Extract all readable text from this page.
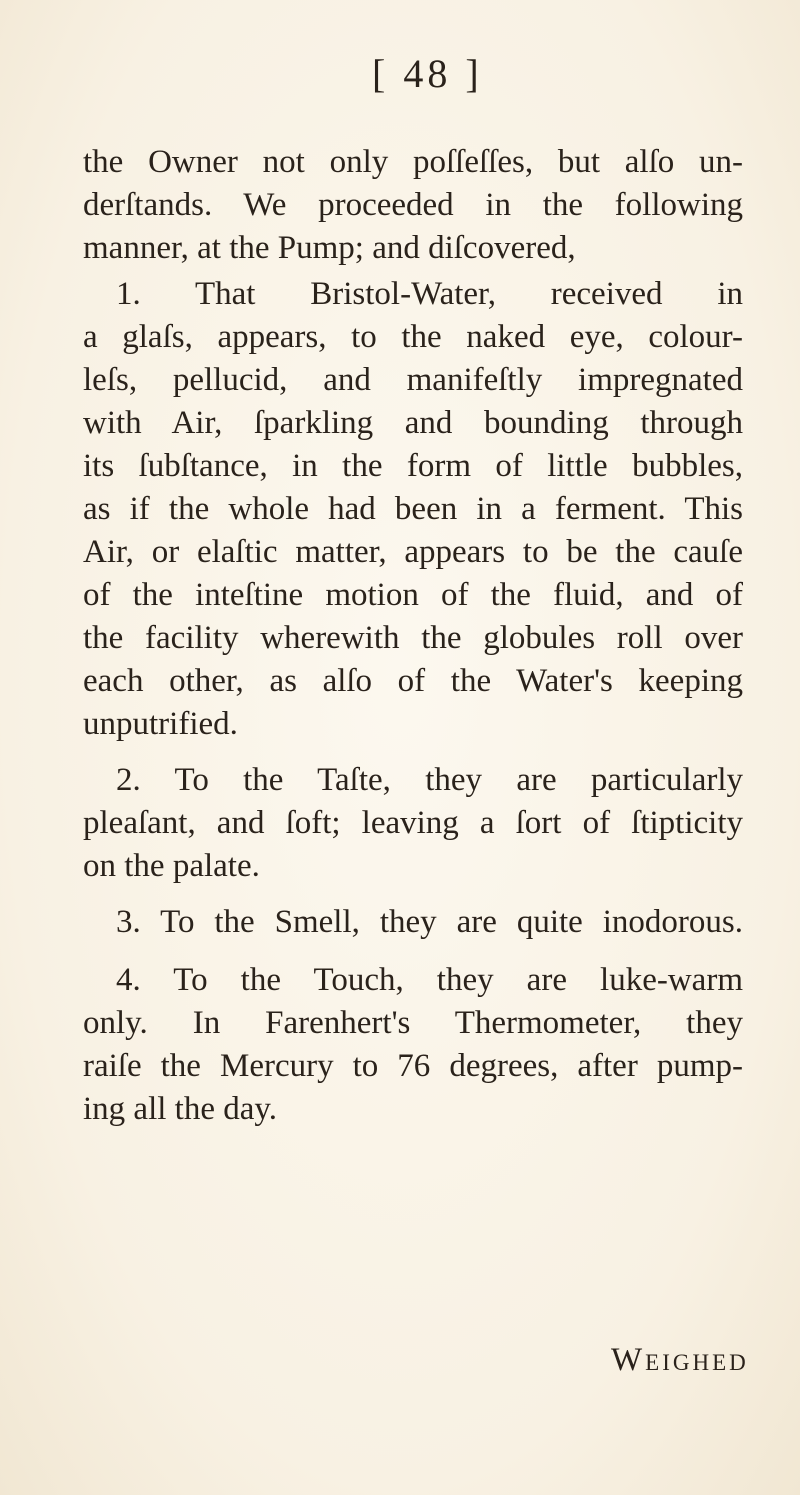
[ 48 ]
the Owner not only poſſeſſes, but alſo un-
derſtands. We proceeded in the following
manner, at the Pump; and diſcovered,
1. That Bristol-Water, received in
a glaſs, appears, to the naked eye, colour-
leſs, pellucid, and manifeſtly impregnated
with Air, ſparkling and bounding through
its ſubſtance, in the form of little bubbles,
as if the whole had been in a ferment. This
Air, or elaſtic matter, appears to be the cauſe
of the inteſtine motion of the fluid, and of
the facility wherewith the globules roll over
each other, as alſo of the Water's keeping
unputrified.
2. To the Taſte, they are particularly
pleaſant, and ſoft; leaving a ſort of ſtipticity
on the palate.
3. To the Smell, they are quite inodorous.
4. To the Touch, they are luke-warm
only. In Farenhert's Thermometer, they
raiſe the Mercury to 76 degrees, after pump-
ing all the day.
Weighed
